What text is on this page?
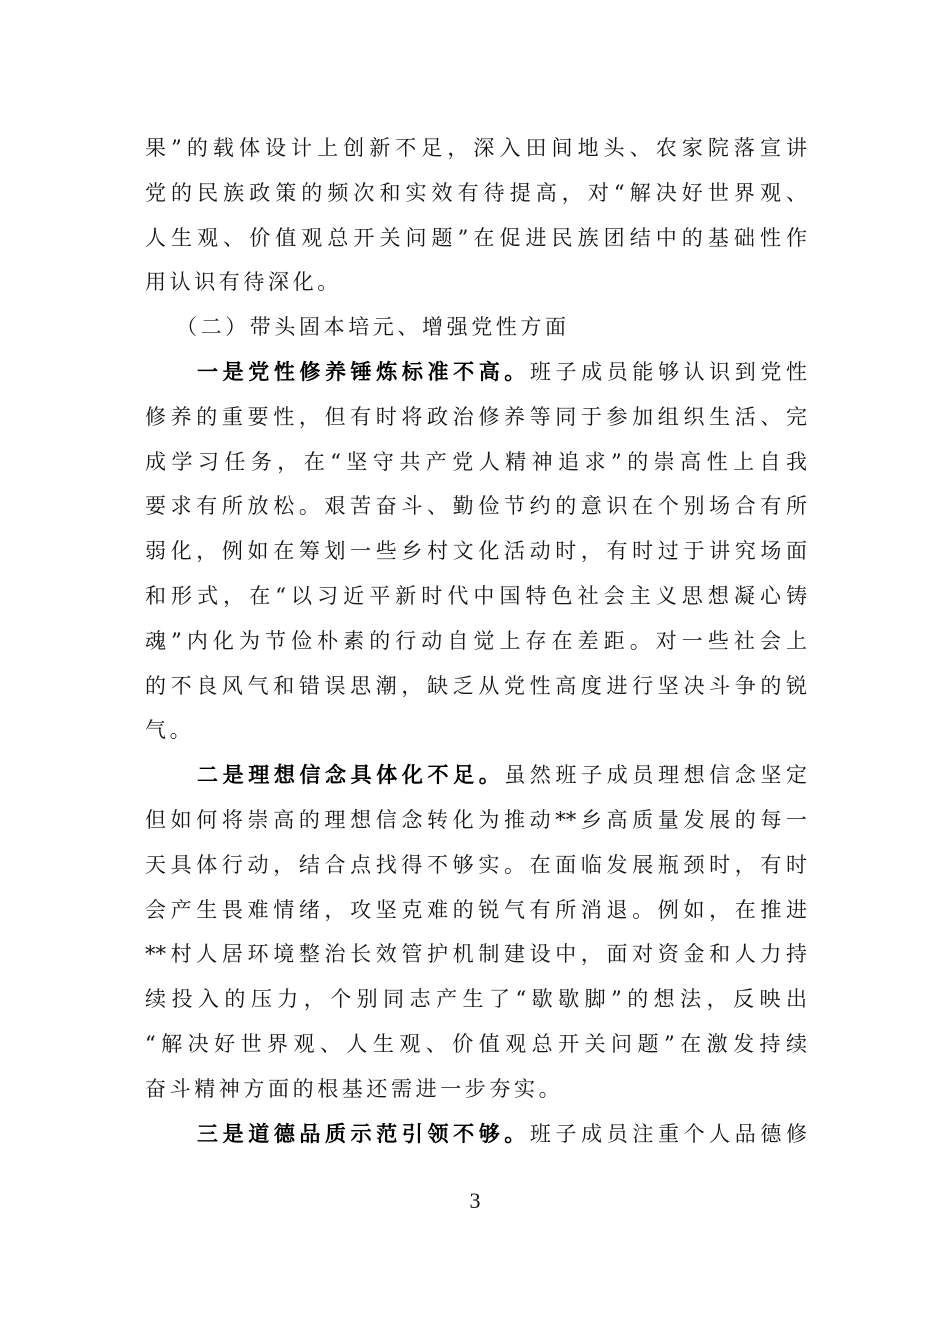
果”的载体设计上创新不足，深入田间地头、农家院落宣讲
党的民族政策的频次和实效有待提高，对“解决好世界观、
人生观、价值观总开关问题”在促进民族团结中的基础性作
用认识有待深化。
（二）带头固本培元、增强党性方面
一是党性修养锤炼标准不高。班子成员能够认识到党性
修养的重要性，但有时将政治修养等同于参加组织生活、完
成学习任务，在“坚守共产党人精神追求”的崇高性上自我
要求有所放松。艰苦奋斗、勤俭节约的意识在个别场合有所
弱化，例如在筹划一些乡村文化活动时，有时过于讲究场面
和形式，在“以习近平新时代中国特色社会主义思想凝心铸
魂”内化为节俭朴素的行动自觉上存在差距。对一些社会上
的不良风气和错误思潮，缺乏从党性高度进行坚决斗争的锐
气。
二是理想信念具体化不足。虽然班子成员理想信念坚定
但如何将崇高的理想信念转化为推动**乡高质量发展的每一
天具体行动，结合点找得不够实。在面临发展瓶颈时，有时
会产生畏难情绪，攻坚克难的锐气有所消退。例如，在推进
**村人居环境整治长效管护机制建设中，面对资金和人力持
续投入的压力，个别同志产生了“歇歇脚”的想法，反映出
“解决好世界观、人生观、价值观总开关问题”在激发持续
奋斗精神方面的根基还需进一步夯实。
三是道德品质示范引领不够。班子成员注重个人品德修
3
